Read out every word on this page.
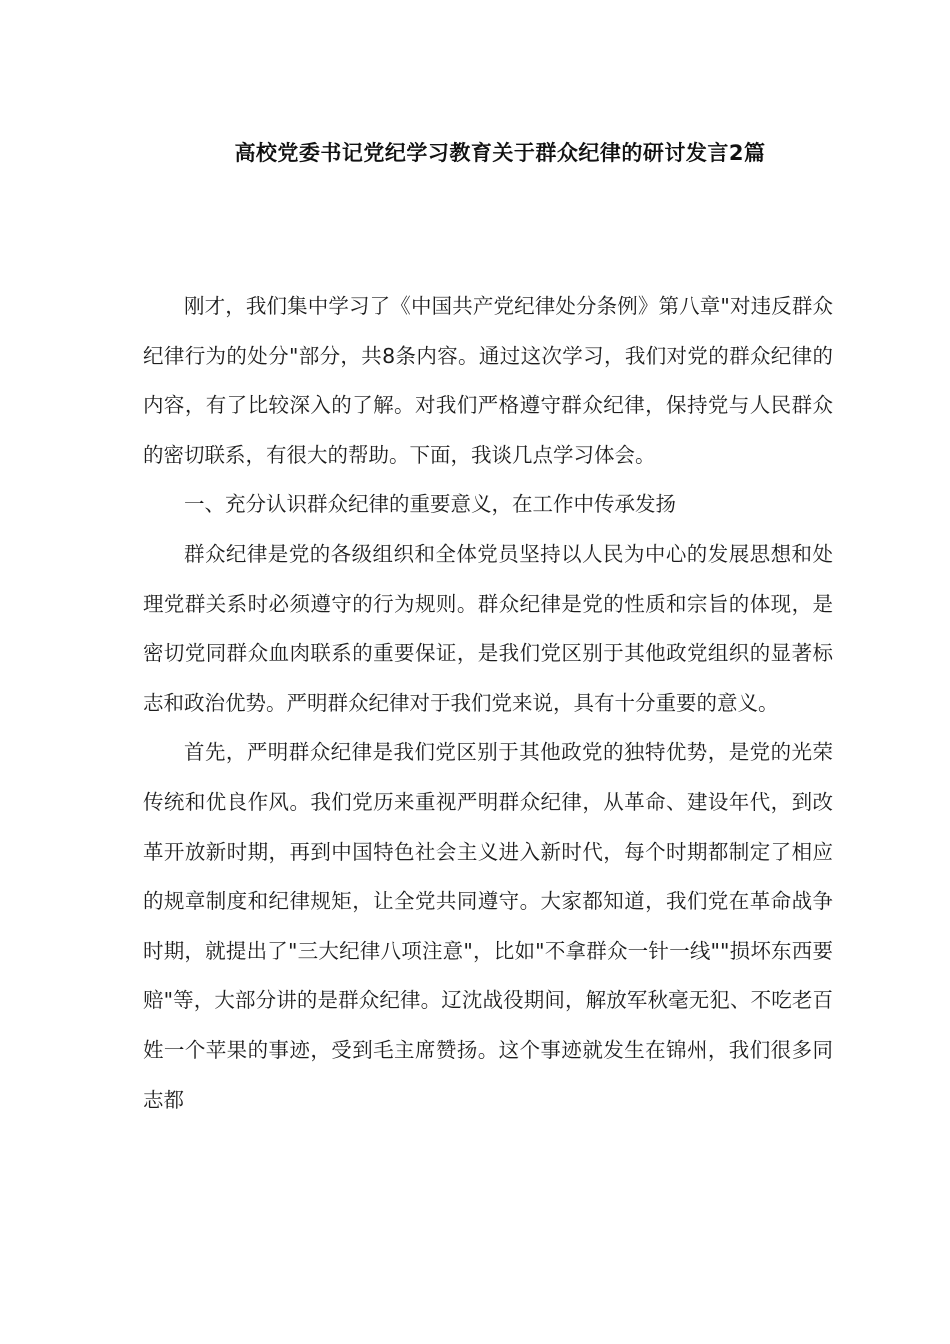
高校党委书记党纪学习教育关于群众纪律的研讨发言2篇

刚才，我们集中学习了《中国共产党纪律处分条例》第八章"对违反群众纪律行为的处分"部分，共8条内容。通过这次学习，我们对党的群众纪律的内容，有了比较深入的了解。对我们严格遵守群众纪律，保持党与人民群众的密切联系，有很大的帮助。下面，我谈几点学习体会。

一、充分认识群众纪律的重要意义，在工作中传承发扬

群众纪律是党的各级组织和全体党员坚持以人民为中心的发展思想和处理党群关系时必须遵守的行为规则。群众纪律是党的性质和宗旨的体现，是密切党同群众血肉联系的重要保证，是我们党区别于其他政党组织的显著标志和政治优势。严明群众纪律对于我们党来说，具有十分重要的意义。

首先，严明群众纪律是我们党区别于其他政党的独特优势，是党的光荣传统和优良作风。我们党历来重视严明群众纪律，从革命、建设年代，到改革开放新时期，再到中国特色社会主义进入新时代，每个时期都制定了相应的规章制度和纪律规矩，让全党共同遵守。大家都知道，我们党在革命战争时期，就提出了"三大纪律八项注意"，比如"不拿群众一针一线""损坏东西要赔"等，大部分讲的是群众纪律。辽沈战役期间，解放军秋毫无犯、不吃老百姓一个苹果的事迹，受到毛主席赞扬。这个事迹就发生在锦州，我们很多同志都
